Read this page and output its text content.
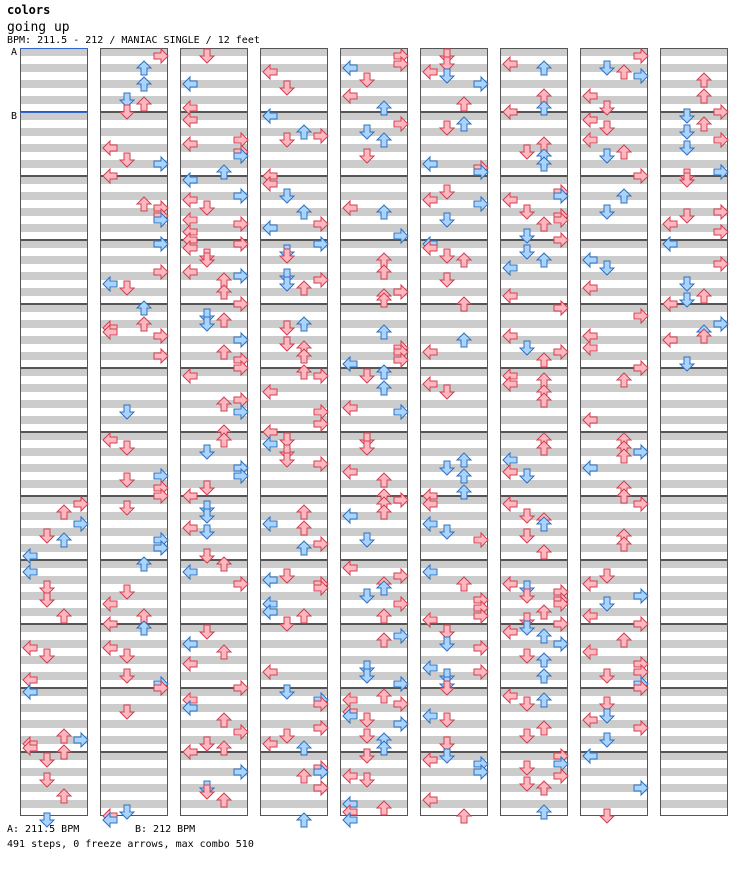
colors
going up
BPM: 211.5 - 212 / MANIAC SINGLE / 12 feet
A
B
A: 211.5 BPM	B: 212 BPM
491 steps, 0 freeze arrows, max combo 510
